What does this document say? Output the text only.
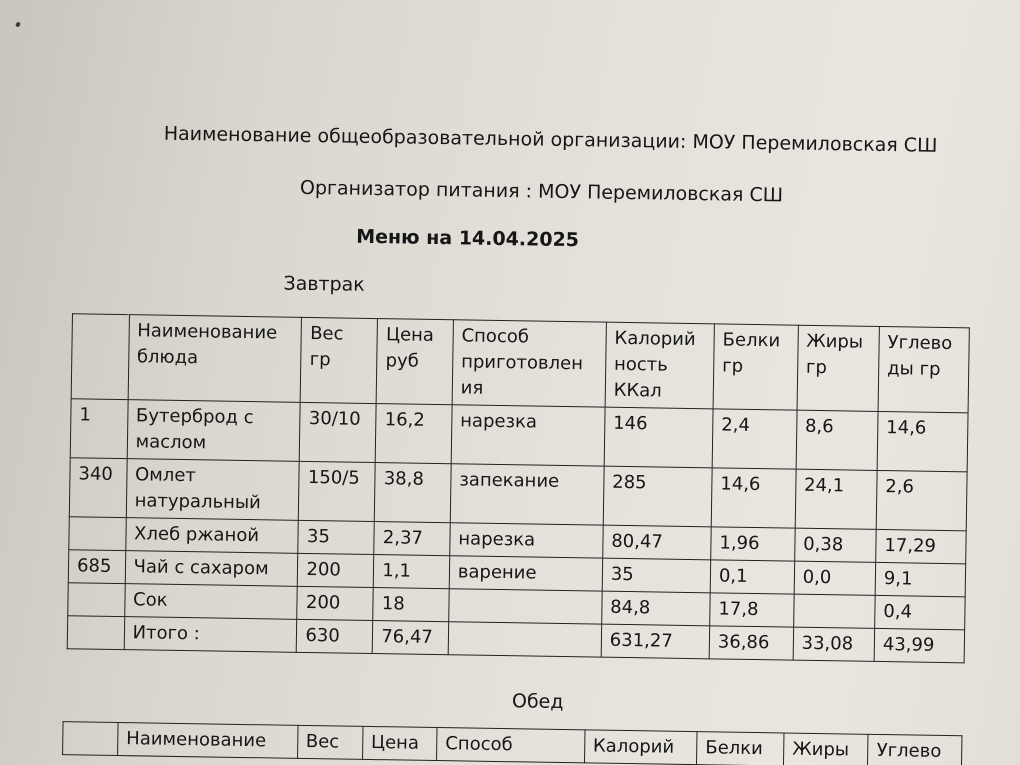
Наименование общеобразовательной организации: МОУ Перемиловская СШ
Организатор питания : МОУ Перемиловская СШ
Меню на 14.04.2025
Завтрак
	Наименование блюда	Вес гр	Цена руб	Способ приготовлен ия	Калорий ность ККал	Белки гр	Жиры гр	Углево ды гр
1	Бутерброд с маслом	30/10	16,2	нарезка	146	2,4	8,6	14,6
340	Омлет натуральный	150/5	38,8	запекание	285	14,6	24,1	2,6
	Хлеб ржаной	35	2,37	нарезка	80,47	1,96	0,38	17,29
685	Чай с сахаром	200	1,1	варение	35	0,1	0,0	9,1
	Сок	200	18		84,8	17,8		0,4
	Итого :	630	76,47		631,27	36,86	33,08	43,99
Обед
	Наименование	Вес	Цена	Способ	Калорий	Белки	Жиры	Углево
